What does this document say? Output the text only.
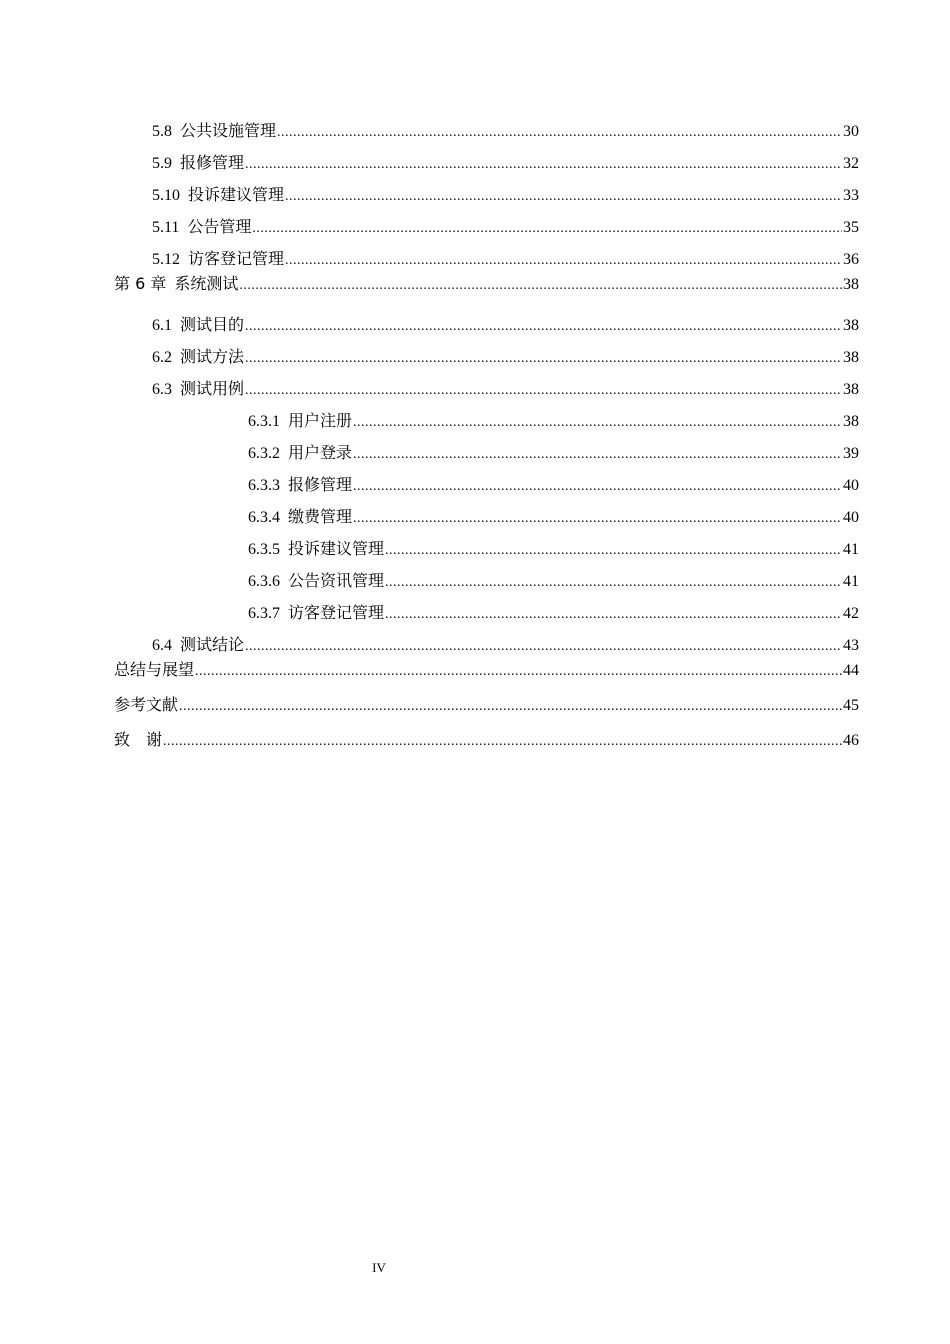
5.8 公共设施管理 .....	30
5.9 报修管理 .....	32
5.10 投诉建议管理 .....	33
5.11 公告管理 .....	35
5.12 访客登记管理 .....	36
第 6 章 系统测试 .....	38
6.1 测试目的 .....	38
6.2 测试方法 .....	38
6.3 测试用例 .....	38
6.3.1 用户注册 .....	38
6.3.2 用户登录 .....	39
6.3.3 报修管理 .....	40
6.3.4 缴费管理 .....	40
6.3.5 投诉建议管理 .....	41
6.3.6 公告资讯管理 .....	41
6.3.7 访客登记管理 .....	42
6.4 测试结论 .....	43
总结与展望 .....	44
参考文献 .....	45
致　谢 .....	46
IV
